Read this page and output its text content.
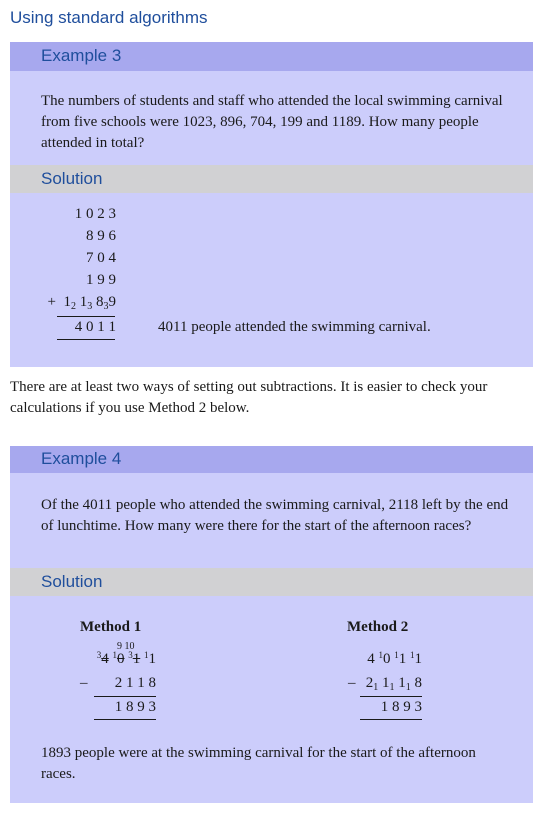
Using standard algorithms
Example 3
The numbers of students and staff who attended the local swimming carnival from five schools were 1023, 896, 704, 199 and 1189. How many people attended in total?
Solution
1 0 2 3
8 9 6
7 0 4
1 9 9
+ $1_2$ $1_3$ $8_39$
4 0 1 1	4011 people attended the swimming carnival.
There are at least two ways of setting out subtractions. It is easier to check your calculations if you use Method 2 below.
Example 4
Of the 4011 people who attended the swimming carnival, 2118 left by the end of lunchtime. How many were there for the start of the afternoon races?
Solution
Method 1
9 10
$^3$4 $^1$0 $^3$1 $^1$1
– 2 1 1 8
1 8 9 3
Method 2
4 $^1$0 $^1$1 $^1$1
– $2_1$ $1_1$ $1_1$ 8
1 8 9 3
1893 people were at the swimming carnival for the start of the afternoon races.
